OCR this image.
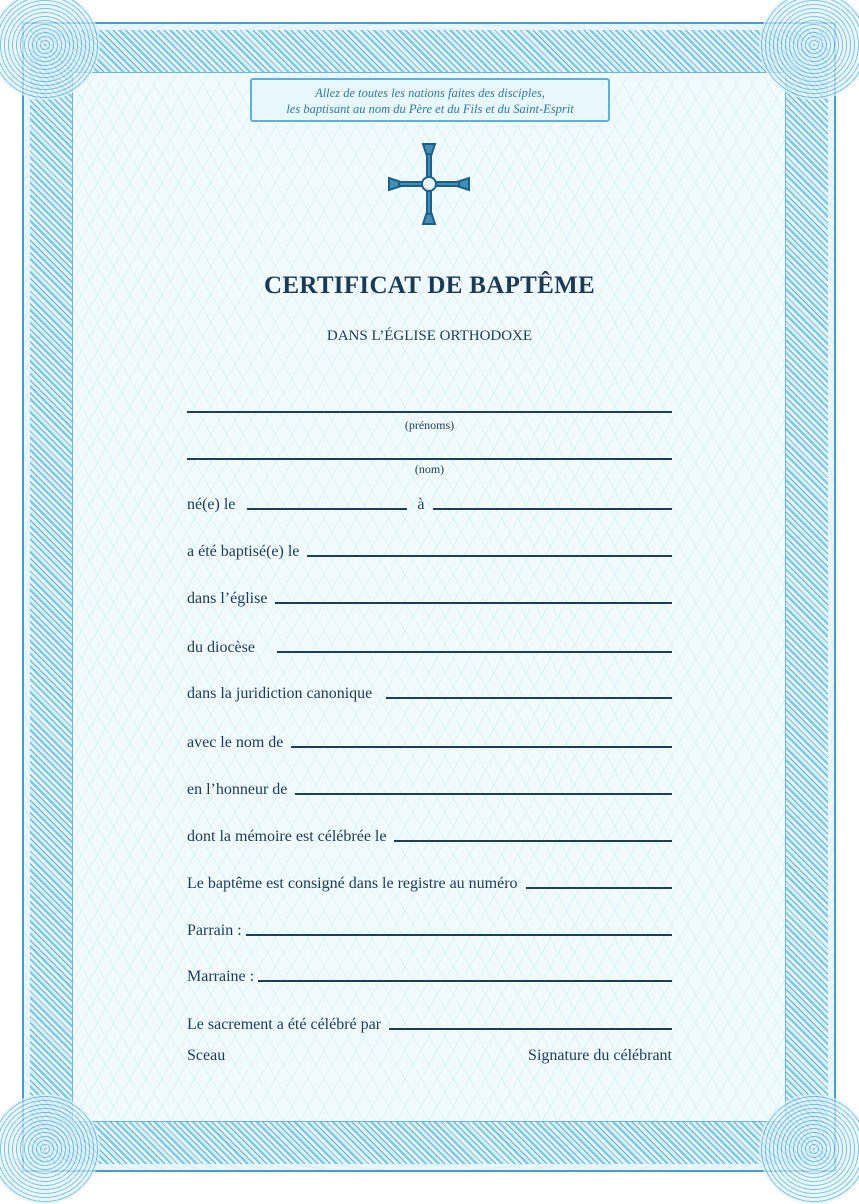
Allez de toutes les nations faites des disciples,
les baptisant au nom du Père et du Fils et du Saint-Esprit
CERTIFICAT DE BAPTÊME
DANS L’ÉGLISE ORTHODOXE
(prénoms)
(nom)
né(e) le	à
a été baptisé(e) le
dans l’église
du diocèse
dans la juridiction canonique
avec le nom de
en l’honneur de
dont la mémoire est célébrée le
Le baptême est consigné dans le registre au numéro
Parrain :
Marraine :
Le sacrement a été célébré par
Sceau	Signature du célébrant
